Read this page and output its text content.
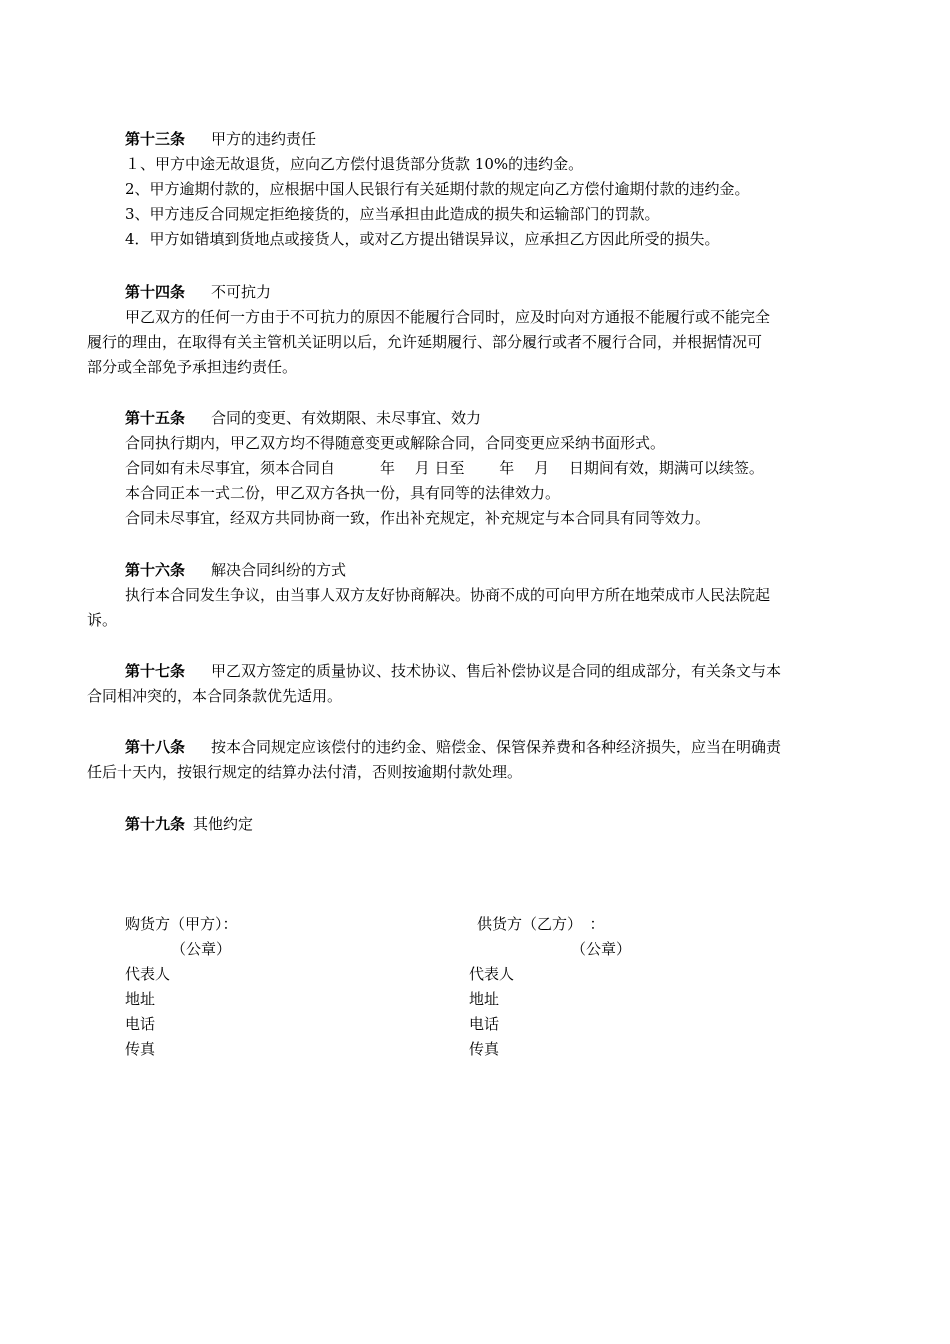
第十三条 甲方的违约责任
１、甲方中途无故退货，应向乙方偿付退货部分货款 10%的违约金。
2、甲方逾期付款的，应根据中国人民银行有关延期付款的规定向乙方偿付逾期付款的违约金。
3、甲方违反合同规定拒绝接货的，应当承担由此造成的损失和运输部门的罚款。
4．甲方如错填到货地点或接货人，或对乙方提出错误异议，应承担乙方因此所受的损失。
第十四条 不可抗力
甲乙双方的任何一方由于不可抗力的原因不能履行合同时，应及时向对方通报不能履行或不能完全
履行的理由，在取得有关主管机关证明以后，允许延期履行、部分履行或者不履行合同，并根据情况可
部分或全部免予承担违约责任。
第十五条 合同的变更、有效期限、未尽事宜、效力
合同执行期内，甲乙双方均不得随意变更或解除合同，合同变更应采纳书面形式。
合同如有未尽事宜，须本合同自　　　年　 月 日至　　 年　 月　 日期间有效，期满可以续签。
本合同正本一式二份，甲乙双方各执一份，具有同等的法律效力。
合同未尽事宜，经双方共同协商一致，作出补充规定，补充规定与本合同具有同等效力。
第十六条 解决合同纠纷的方式
执行本合同发生争议，由当事人双方友好协商解决。协商不成的可向甲方所在地荣成市人民法院起
诉。
第十七条 甲乙双方签定的质量协议、技术协议、售后补偿协议是合同的组成部分，有关条文与本
合同相冲突的，本合同条款优先适用。
第十八条 按本合同规定应该偿付的违约金、赔偿金、保管保养费和各种经济损失，应当在明确责
任后十天内，按银行规定的结算办法付清，否则按逾期付款处理。
第十九条 其他约定
购货方（甲方）：
（公章）
代表人
地址
电话
传真
供货方（乙方）　：
（公章）
代表人
地址
电话
传真
